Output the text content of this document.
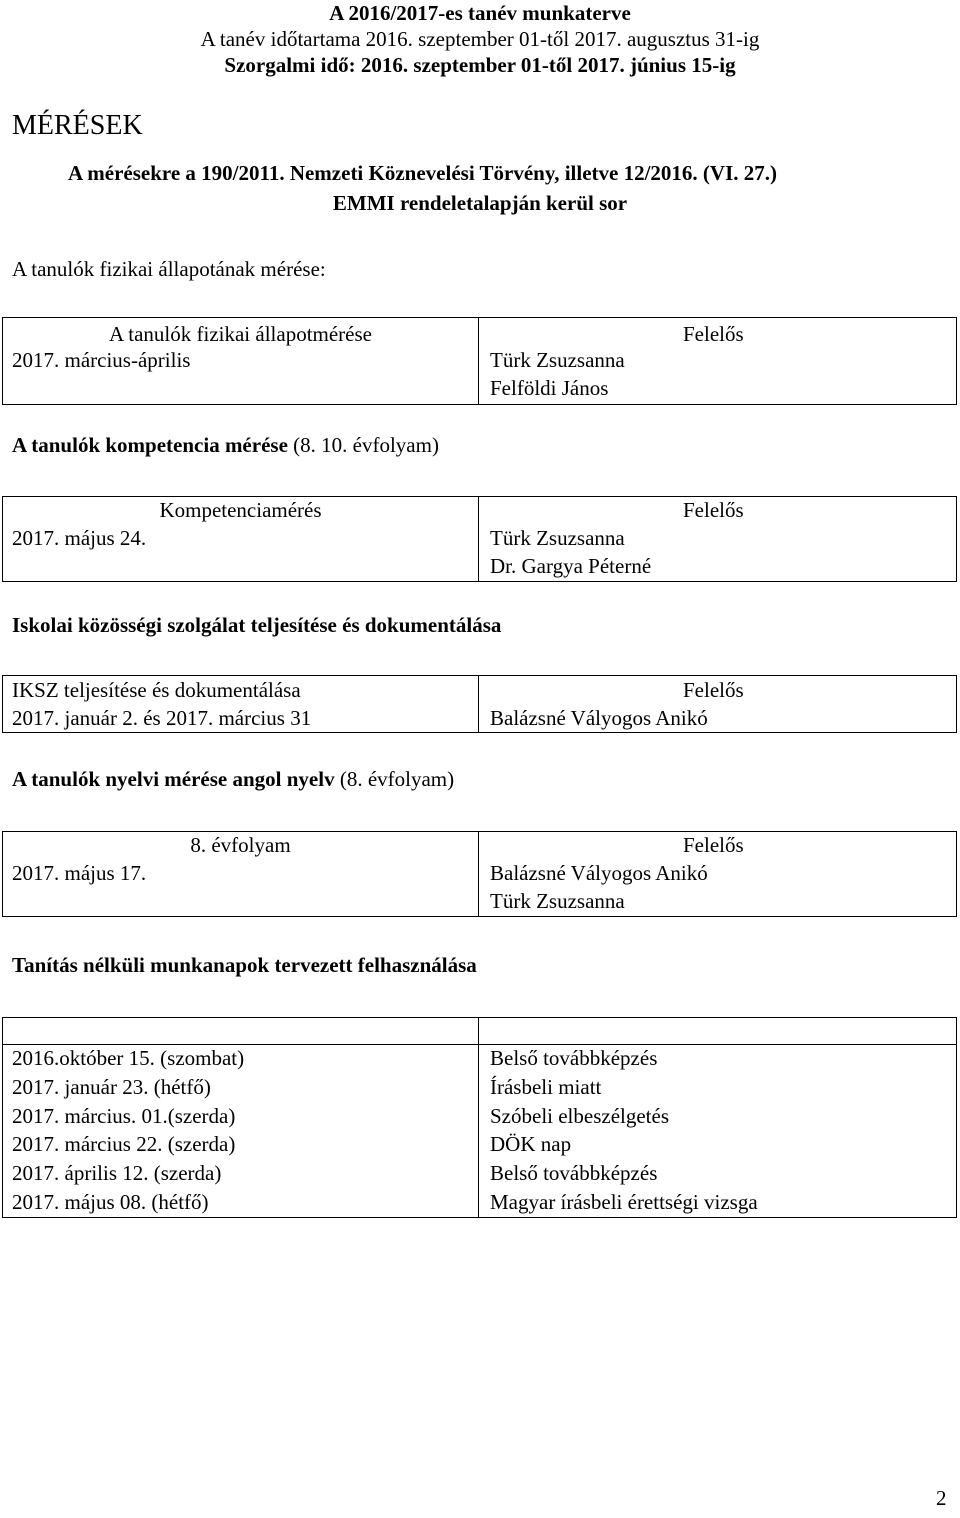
A 2016/2017-es tanév munkaterve
A tanév időtartama 2016. szeptember 01-től 2017. augusztus 31-ig
Szorgalmi idő: 2016. szeptember 01-től 2017. június 15-ig
MÉRÉSEK
A mérésekre a 190/2011. Nemzeti Köznevelési Törvény, illetve 12/2016. (VI. 27.)
EMMI rendeletalapján kerül sor
A tanulók fizikai állapotának mérése:
A tanulók fizikai állapotmérése	Felelős
2017. március-április	Türk Zsuzsanna
Felföldi János
A tanulók kompetencia mérése (8. 10. évfolyam)
Kompetenciamérés	Felelős
2017. május 24.	Türk Zsuzsanna
Dr. Gargya Péterné
Iskolai közösségi szolgálat teljesítése és dokumentálása
IKSZ teljesítése és dokumentálása	Felelős
2017. január 2. és 2017. március 31	Balázsné Vályogos Anikó
A tanulók nyelvi mérése angol nyelv (8. évfolyam)
8. évfolyam	Felelős
2017. május 17.	Balázsné Vályogos Anikó
Türk Zsuzsanna
Tanítás nélküli munkanapok tervezett felhasználása
2016.október 15. (szombat)	Belső továbbképzés
2017. január 23. (hétfő)	Írásbeli miatt
2017. március. 01.(szerda)	Szóbeli elbeszélgetés
2017. március 22. (szerda)	DÖK nap
2017. április 12. (szerda)	Belső továbbképzés
2017. május 08. (hétfő)	Magyar írásbeli érettségi vizsga
2
